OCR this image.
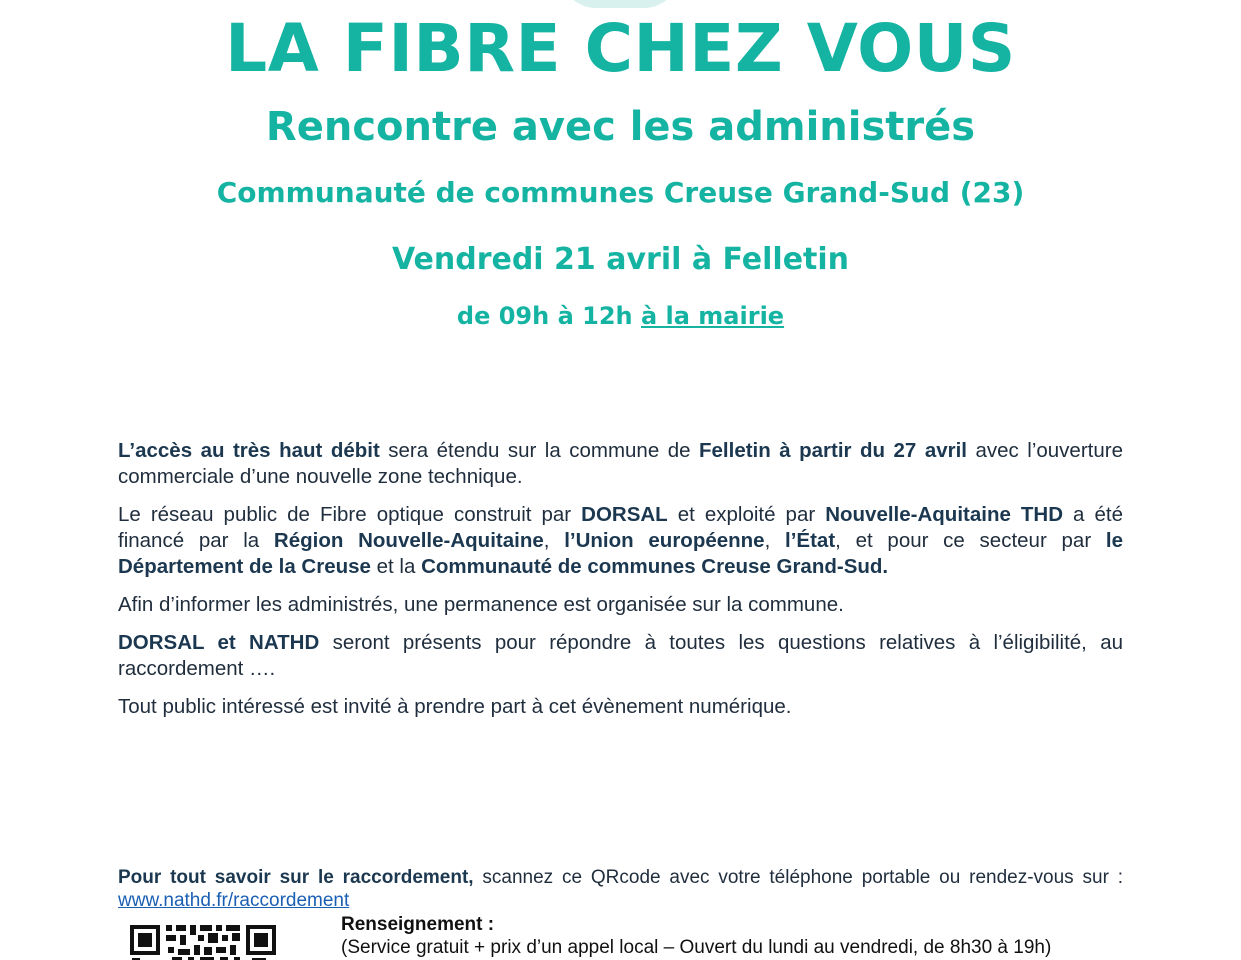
LA FIBRE CHEZ VOUS
Rencontre avec les administrés
Communauté de communes Creuse Grand-Sud (23)
Vendredi 21 avril à Felletin
de 09h à 12h à la mairie

L’accès au très haut débit sera étendu sur la commune de Felletin à partir du 27 avril avec l’ouverture commerciale d’une nouvelle zone technique.

Le réseau public de Fibre optique construit par DORSAL et exploité par Nouvelle-Aquitaine THD a été financé par la Région Nouvelle-Aquitaine, l’Union européenne, l’État, et pour ce secteur par le Département de la Creuse et la Communauté de communes Creuse Grand-Sud.

Afin d’informer les administrés, une permanence est organisée sur la commune.

DORSAL et NATHD seront présents pour répondre à toutes les questions relatives à l’éligibilité, au raccordement ….

Tout public intéressé est invité à prendre part à cet évènement numérique.

Pour tout savoir sur le raccordement, scannez ce QRcode avec votre téléphone portable ou rendez-vous sur : www.nathd.fr/raccordement

Renseignement :
(Service gratuit + prix d’un appel local – Ouvert du lundi au vendredi, de 8h30 à 19h)
